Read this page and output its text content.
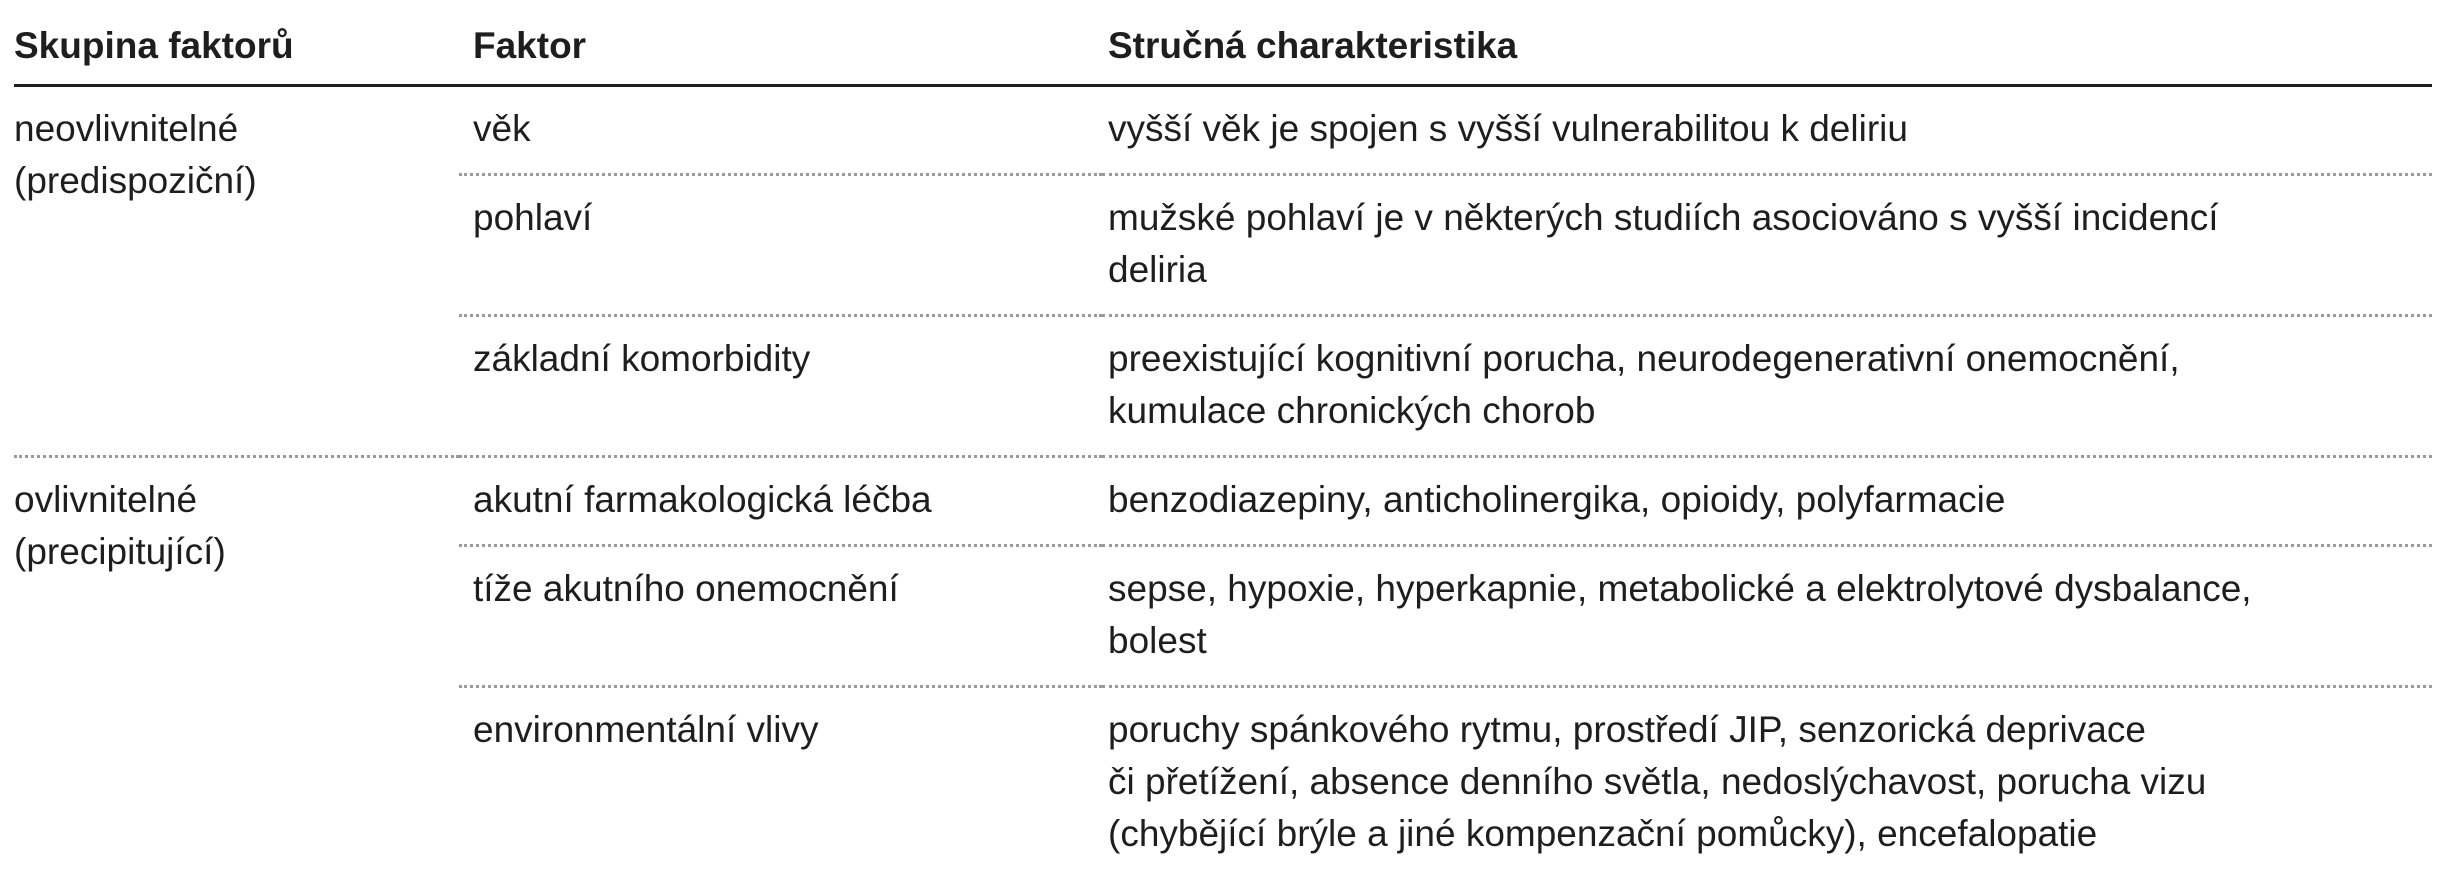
Skupina faktorů	Faktor	Stručná charakteristika
neovlivnitelné
(predispoziční)	věk	vyšší věk je spojen s vyšší vulnerabilitou k deliriu
	pohlaví	mužské pohlaví je v některých studiích asociováno s vyšší incidencí
deliria
	základní komorbidity	preexistující kognitivní porucha, neurodegenerativní onemocnění,
kumulace chronických chorob
ovlivnitelné
(precipitující)	akutní farmakologická léčba	benzodiazepiny, anticholinergika, opioidy, polyfarmacie
	tíže akutního onemocnění	sepse, hypoxie, hyperkapnie, metabolické a elektrolytové dysbalance,
bolest
	environmentální vlivy	poruchy spánkového rytmu, prostředí JIP, senzorická deprivace
či přetížení, absence denního světla, nedoslýchavost, porucha vizu
(chybějící brýle a jiné kompenzační pomůcky), encefalopatie
